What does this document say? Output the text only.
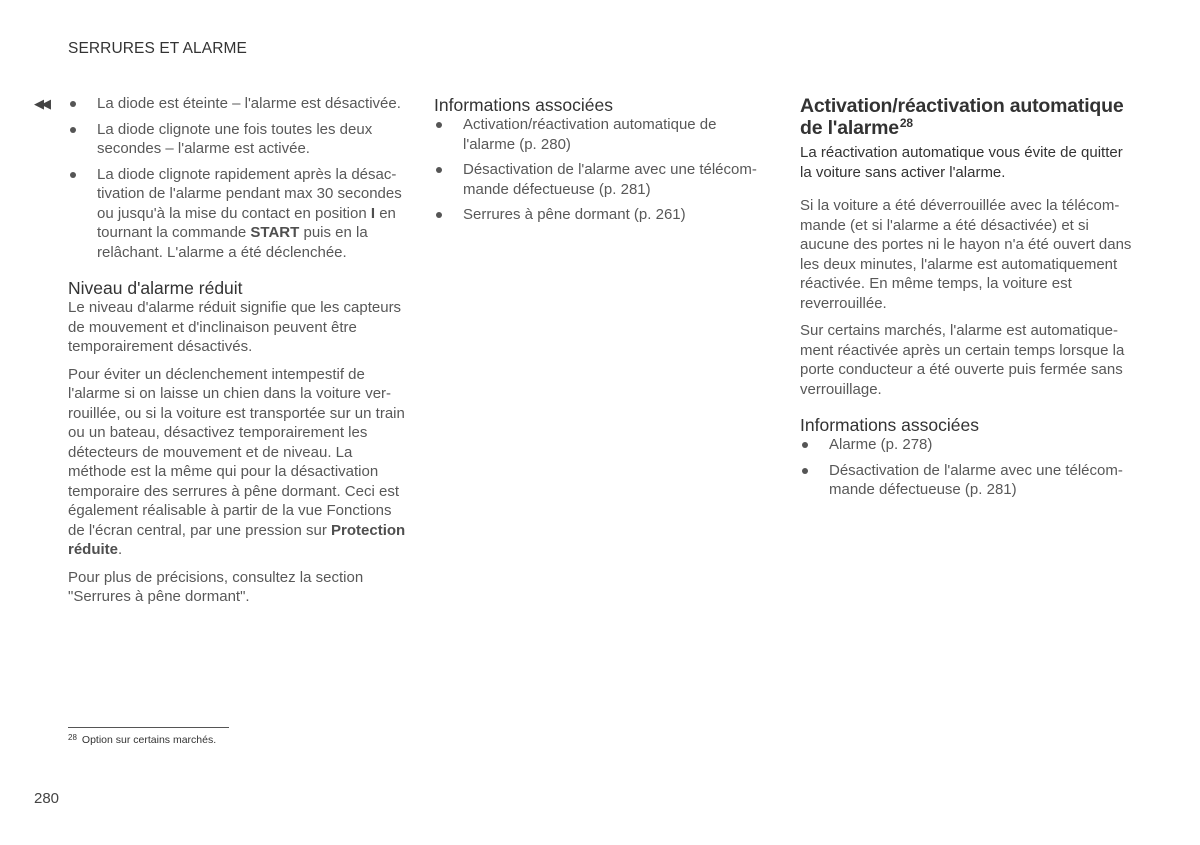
SERRURES ET ALARME
◀◀	La diode est éteinte – l'alarme est désactivée.
La diode clignote une fois toutes les deux secondes – l'alarme est activée.
La diode clignote rapidement après la désactivation de l'alarme pendant max 30 secondes ou jusqu'à la mise du contact en position I en tournant la commande START puis en la relâchant. L'alarme a été déclenchée.
Niveau d'alarme réduit

Le niveau d'alarme réduit signifie que les capteurs de mouvement et d'inclinaison peuvent être temporairement désactivés.

Pour éviter un déclenchement intempestif de l'alarme si on laisse un chien dans la voiture verrouillée, ou si la voiture est transportée sur un train ou un bateau, désactivez temporairement les détecteurs de mouvement et de niveau. La méthode est la même qui pour la désactivation temporaire des serrures à pêne dormant. Ceci est également réalisable à partir de la vue Fonctions de l'écran central, par une pression sur Protection réduite.

Pour plus de précisions, consultez la section "Serrures à pêne dormant".

Informations associées
Activation/réactivation automatique de l'alarme (p. 280)
Désactivation de l'alarme avec une télécommande défectueuse (p. 281)
Serrures à pêne dormant (p. 261)
Activation/réactivation automatique de l'alarme$^{28}$

La réactivation automatique vous évite de quitter la voiture sans activer l'alarme.

Si la voiture a été déverrouillée avec la télécommande (et si l'alarme a été désactivée) et si aucune des portes ni le hayon n'a été ouvert dans les deux minutes, l'alarme est automatiquement réactivée. En même temps, la voiture est reverrouillée.

Sur certains marchés, l'alarme est automatiquement réactivée après un certain temps lorsque la porte conducteur a été ouverte puis fermée sans verrouillage.

Informations associées
Alarme (p. 278)
Désactivation de l'alarme avec une télécommande défectueuse (p. 281)
$^{28}$ Option sur certains marchés.
280
